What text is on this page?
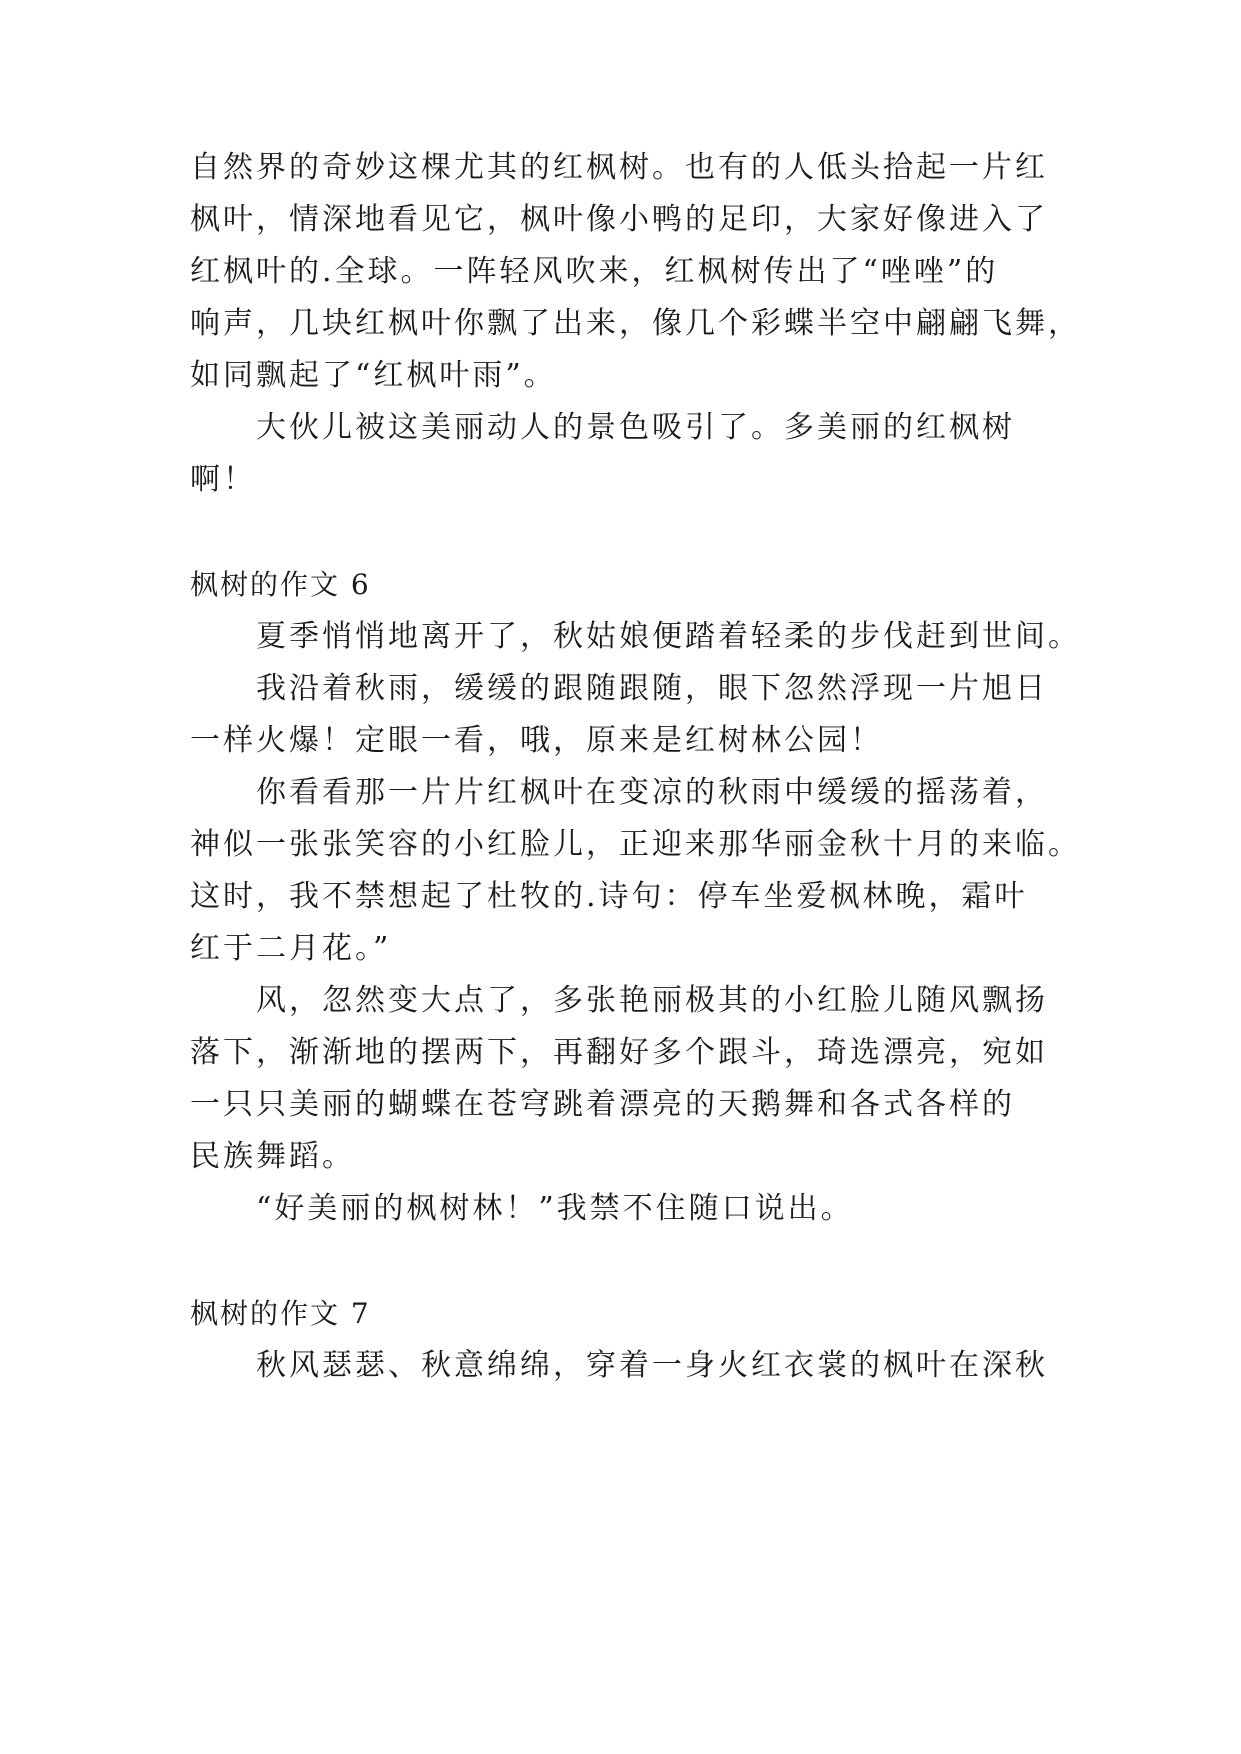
自然界的奇妙这棵尤其的红枫树。也有的人低头拾起一片红
枫叶，情深地看见它，枫叶像小鸭的足印，大家好像进入了
红枫叶的.全球。一阵轻风吹来，红枫树传出了“唑唑”的
响声，几块红枫叶你飘了出来，像几个彩蝶半空中翩翩飞舞，
如同飘起了“红枫叶雨”。
大伙儿被这美丽动人的景色吸引了。多美丽的红枫树
啊！
枫树的作文 6
夏季悄悄地离开了，秋姑娘便踏着轻柔的步伐赶到世间。
我沿着秋雨，缓缓的跟随跟随，眼下忽然浮现一片旭日
一样火爆！定眼一看，哦，原来是红树林公园！
你看看那一片片红枫叶在变凉的秋雨中缓缓的摇荡着，
神似一张张笑容的小红脸儿，正迎来那华丽金秋十月的来临。
这时，我不禁想起了杜牧的.诗句：停车坐爱枫林晚，霜叶
红于二月花。”
风，忽然变大点了，多张艳丽极其的小红脸儿随风飘扬
落下，渐渐地的摆两下，再翻好多个跟斗，琦选漂亮，宛如
一只只美丽的蝴蝶在苍穹跳着漂亮的天鹅舞和各式各样的
民族舞蹈。
“好美丽的枫树林！”我禁不住随口说出。
枫树的作文 7
秋风瑟瑟、秋意绵绵，穿着一身火红衣裳的枫叶在深秋
